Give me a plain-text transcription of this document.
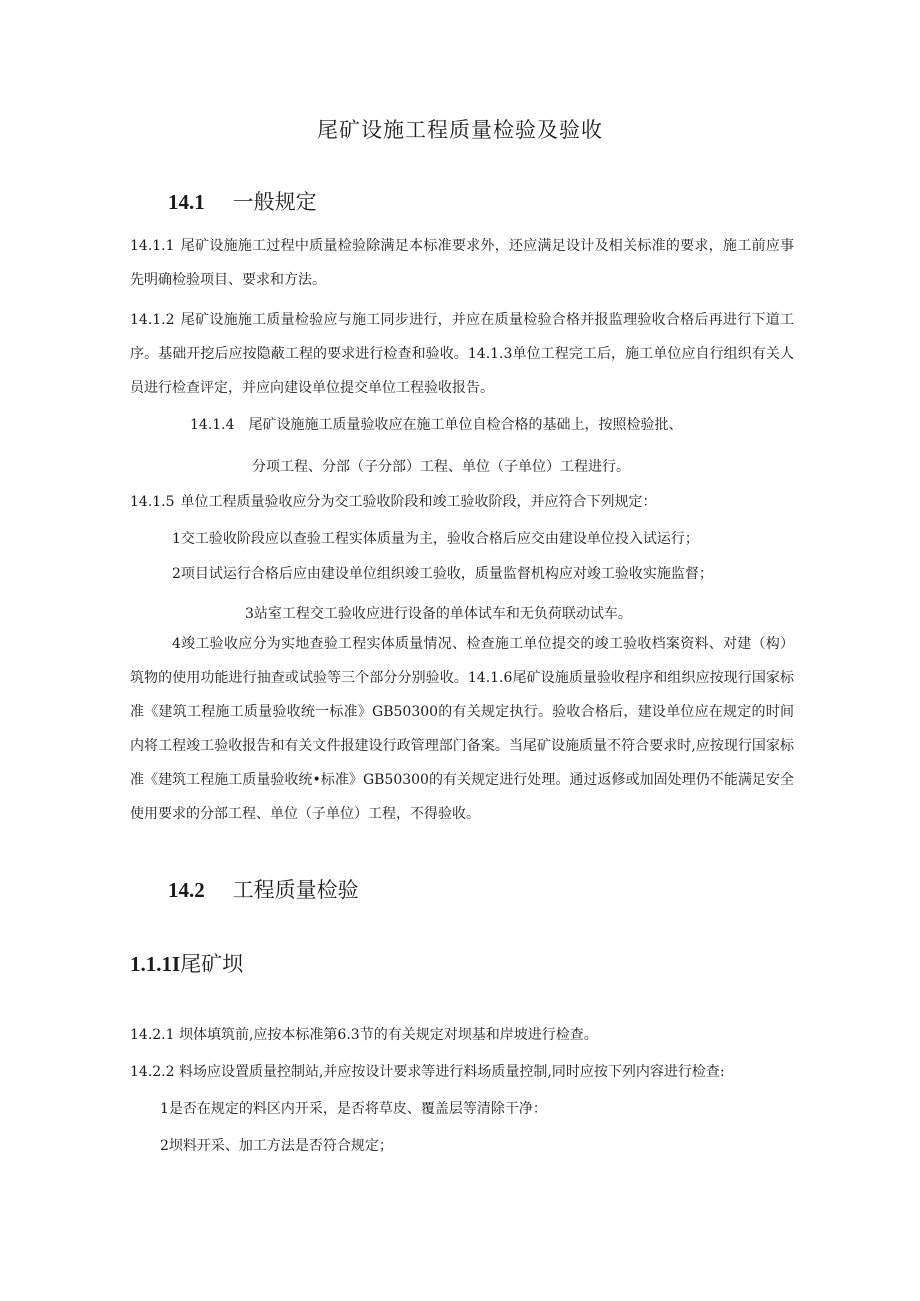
尾矿设施工程质量检验及验收
14.1 一般规定
14.1.1 尾矿设施施工过程中质量检验除满足本标准要求外，还应满足设计及相关标准的要求，施工前应事先明确检验项目、要求和方法。
14.1.2 尾矿设施施工质量检验应与施工同步进行，并应在质量检验合格并报监理验收合格后再进行下道工序。基础开挖后应按隐蔽工程的要求进行检查和验收。14.1.3单位工程完工后，施工单位应自行组织有关人员进行检查评定，并应向建设单位提交单位工程验收报告。
14.1.4　尾矿设施施工质量验收应在施工单位自检合格的基础上，按照检验批、
分项工程、分部（子分部）工程、单位（子单位）工程进行。
14.1.5 单位工程质量验收应分为交工验收阶段和竣工验收阶段，并应符合下列规定：
1交工验收阶段应以查验工程实体质量为主，验收合格后应交由建设单位投入试运行；
2项目试运行合格后应由建设单位组织竣工验收，质量监督机构应对竣工验收实施监督；
3站室工程交工验收应进行设备的单体试车和无负荷联动试车。
4竣工验收应分为实地查验工程实体质量情况、检查施工单位提交的竣工验收档案资料、对建（构）筑物的使用功能进行抽查或试验等三个部分分别验收。14.1.6尾矿设施质量验收程序和组织应按现行国家标准《建筑工程施工质量验收统一标准》GB50300的有关规定执行。验收合格后，建设单位应在规定的时间内将工程竣工验收报告和有关文件报建设行政管理部门备案。当尾矿设施质量不符合要求时,应按现行国家标准《建筑工程施工质量验收统•标准》GB50300的有关规定进行处理。通过返修或加固处理仍不能满足安全使用要求的分部工程、单位（子单位）工程，不得验收。
14.2 工程质量检验
1.1.1I尾矿坝
14.2.1 坝体填筑前,应按本标准第6.3节的有关规定对坝基和岸坡进行检查。
14.2.2 料场应设置质量控制站,并应按设计要求等进行料场质量控制,同时应按下列内容进行检查:
1是否在规定的料区内开采，是否将草皮、覆盖层等清除干净：
2坝料开采、加工方法是否符合规定；
